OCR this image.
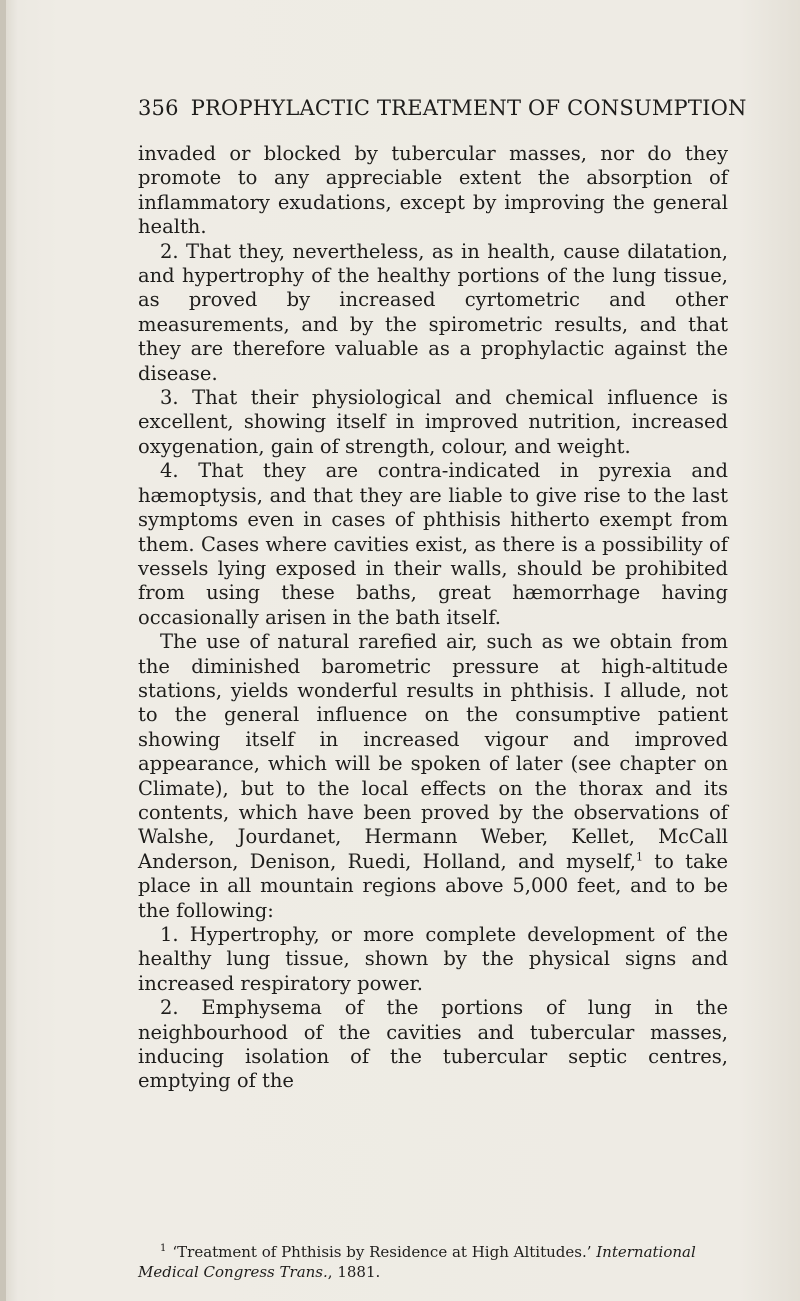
356 PROPHYLACTIC TREATMENT OF CONSUMPTION

invaded or blocked by tubercular masses, nor do they promote to any appreciable extent the absorption of inflammatory exudations, except by improving the general health.

2. That they, nevertheless, as in health, cause dilatation, and hypertrophy of the healthy portions of the lung tissue, as proved by increased cyrtometric and other measurements, and by the spirometric results, and that they are therefore valuable as a prophylactic against the disease.

3. That their physiological and chemical influence is excellent, showing itself in improved nutrition, increased oxygenation, gain of strength, colour, and weight.

4. That they are contra-indicated in pyrexia and hæmoptysis, and that they are liable to give rise to the last symptoms even in cases of phthisis hitherto exempt from them. Cases where cavities exist, as there is a possibility of vessels lying exposed in their walls, should be prohibited from using these baths, great hæmorrhage having occasionally arisen in the bath itself.

The use of natural rarefied air, such as we obtain from the diminished barometric pressure at high-altitude stations, yields wonderful results in phthisis. I allude, not to the general influence on the consumptive patient showing itself in increased vigour and improved appearance, which will be spoken of later (see chapter on Climate), but to the local effects on the thorax and its contents, which have been proved by the observations of Walshe, Jourdanet, Hermann Weber, Kellet, McCall Anderson, Denison, Ruedi, Holland, and myself,$^1$ to take place in all mountain regions above 5,000 feet, and to be the following:

1. Hypertrophy, or more complete development of the healthy lung tissue, shown by the physical signs and increased respiratory power.

2. Emphysema of the portions of lung in the neighbourhood of the cavities and tubercular masses, inducing isolation of the tubercular septic centres, emptying of the

$^1$ ‘Treatment of Phthisis by Residence at High Altitudes.’ International Medical Congress Trans., 1881.
